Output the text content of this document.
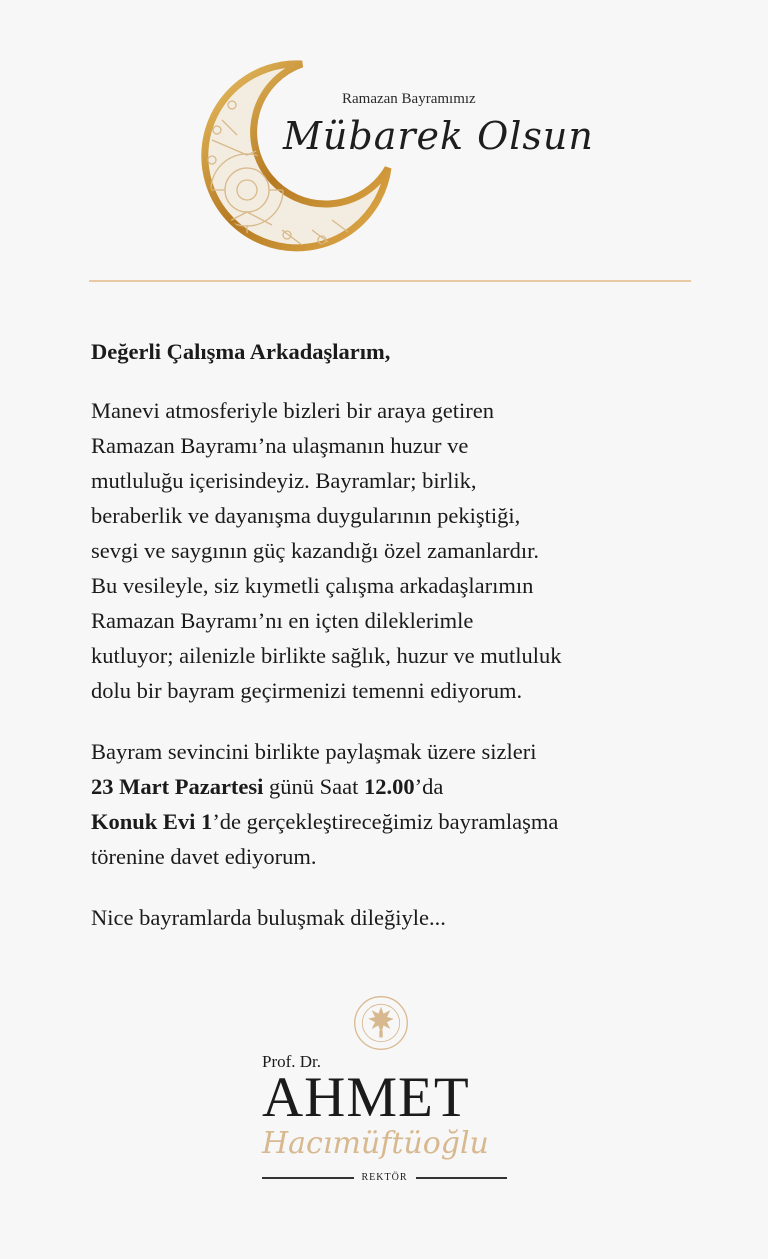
Ramazan Bayramımız
Mübarek Olsun
Değerli Çalışma Arkadaşlarım,
Manevi atmosferiyle bizleri bir araya getiren
Ramazan Bayramı’na ulaşmanın huzur ve
mutluluğu içerisindeyiz. Bayramlar; birlik,
beraberlik ve dayanışma duygularının pekiştiği,
sevgi ve saygının güç kazandığı özel zamanlardır.
Bu vesileyle, siz kıymetli çalışma arkadaşlarımın
Ramazan Bayramı’nı en içten dileklerimle
kutluyor; ailenizle birlikte sağlık, huzur ve mutluluk
dolu bir bayram geçirmenizi temenni ediyorum.
Bayram sevincini birlikte paylaşmak üzere sizleri
23 Mart Pazartesi günü Saat 12.00’da
Konuk Evi 1’de gerçekleştireceğimiz bayramlaşma
törenine davet ediyorum.
Nice bayramlarda buluşmak dileğiyle...
Prof. Dr.
AHMET
Hacımüftüoğlu
REKTÖR
